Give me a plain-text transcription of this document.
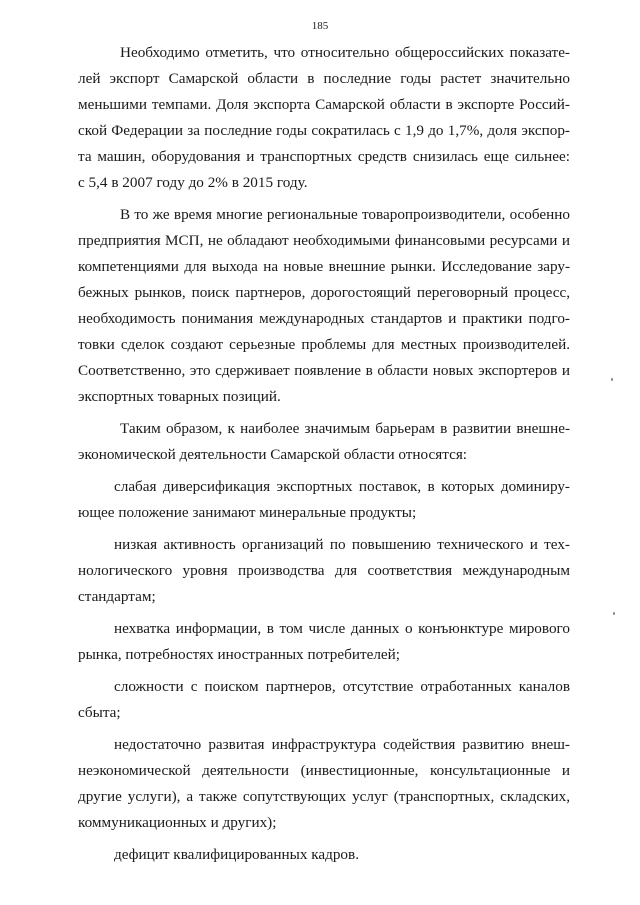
185

Необходимо отметить, что относительно общероссийских показате-
лей экспорт Самарской области в последние годы растет значительно
меньшими темпами. Доля экспорта Самарской области в экспорте Россий-
ской Федерации за последние годы сократилась с 1,9 до 1,7%, доля экспор-
та машин, оборудования и транспортных средств снизилась еще сильнее:
с 5,4 в 2007 году до 2% в 2015 году.

В то же время многие региональные товаропроизводители, особенно
предприятия МСП, не обладают необходимыми финансовыми ресурсами и
компетенциями для выхода на новые внешние рынки. Исследование зару-
бежных рынков, поиск партнеров, дорогостоящий переговорный процесс,
необходимость понимания международных стандартов и практики подго-
товки сделок создают серьезные проблемы для местных производителей.
Соответственно, это сдерживает появление в области новых экспортеров и
экспортных товарных позиций.

Таким образом, к наиболее значимым барьерам в развитии внешне-
экономической деятельности Самарской области относятся:

слабая диверсификация экспортных поставок, в которых доминиру-
ющее положение занимают минеральные продукты;

низкая активность организаций по повышению технического и тех-
нологического уровня производства для соответствия международным
стандартам;

нехватка информации, в том числе данных о конъюнктуре мирового
рынка, потребностях иностранных потребителей;

сложности с поиском партнеров, отсутствие отработанных каналов
сбыта;

недостаточно развитая инфраструктура содействия развитию внеш-
неэкономической деятельности (инвестиционные, консультационные и
другие услуги), а также сопутствующих услуг (транспортных, складских,
коммуникационных и других);

дефицит квалифицированных кадров.
